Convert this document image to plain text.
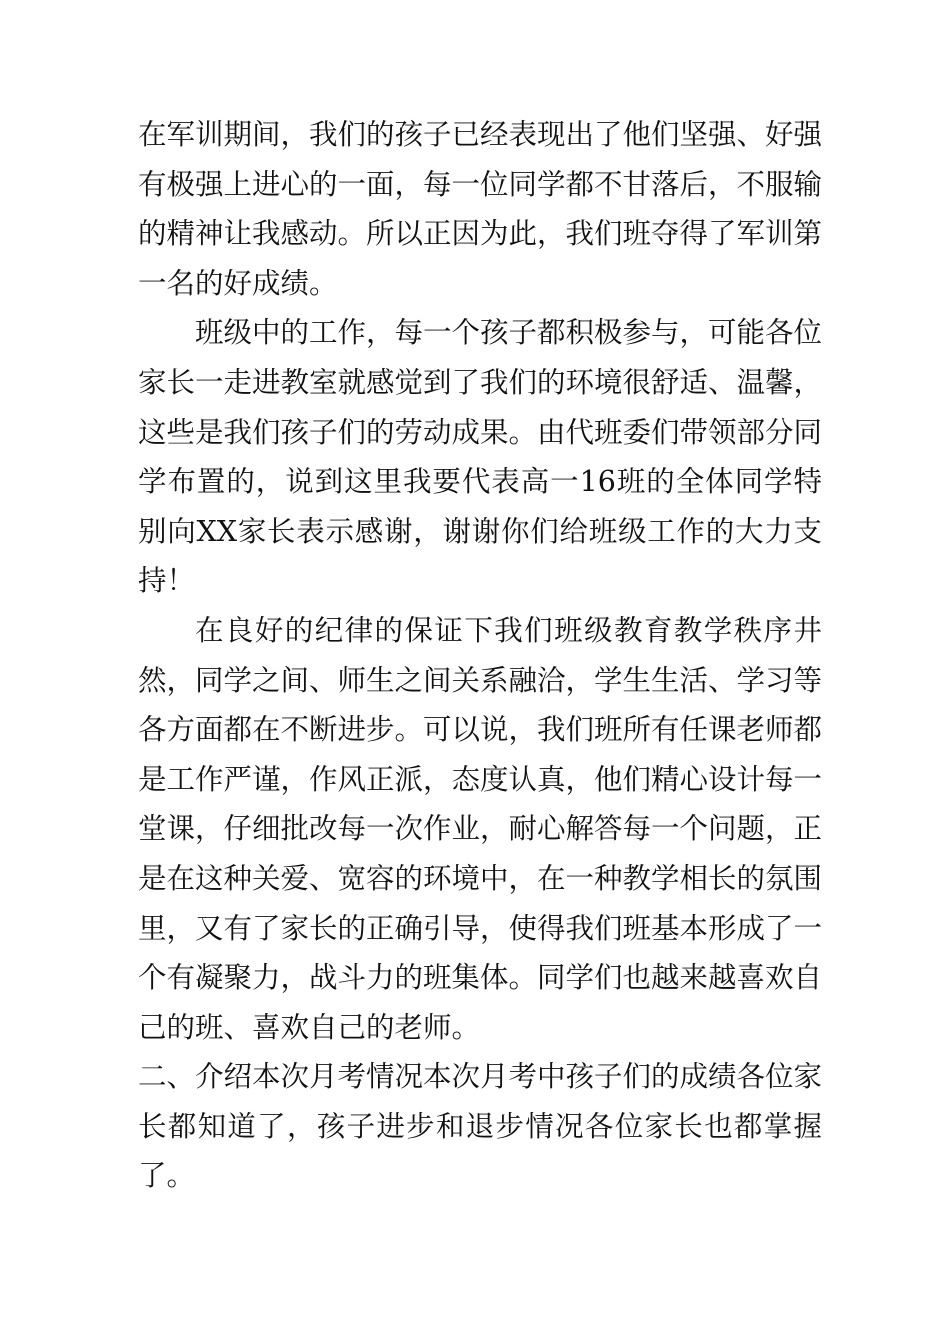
在军训期间，我们的孩子已经表现出了他们坚强、好强有极强上进心的一面，每一位同学都不甘落后，不服输的精神让我感动。所以正因为此，我们班夺得了军训第一名的好成绩。

班级中的工作，每一个孩子都积极参与，可能各位家长一走进教室就感觉到了我们的环境很舒适、温馨，这些是我们孩子们的劳动成果。由代班委们带领部分同学布置的，说到这里我要代表高一16班的全体同学特别向XX家长表示感谢，谢谢你们给班级工作的大力支持！

在良好的纪律的保证下我们班级教育教学秩序井然，同学之间、师生之间关系融洽，学生生活、学习等各方面都在不断进步。可以说，我们班所有任课老师都是工作严谨，作风正派，态度认真，他们精心设计每一堂课，仔细批改每一次作业，耐心解答每一个问题，正是在这种关爱、宽容的环境中，在一种教学相长的氛围里，又有了家长的正确引导，使得我们班基本形成了一个有凝聚力，战斗力的班集体。同学们也越来越喜欢自己的班、喜欢自己的老师。

二、介绍本次月考情况本次月考中孩子们的成绩各位家长都知道了，孩子进步和退步情况各位家长也都掌握了。
